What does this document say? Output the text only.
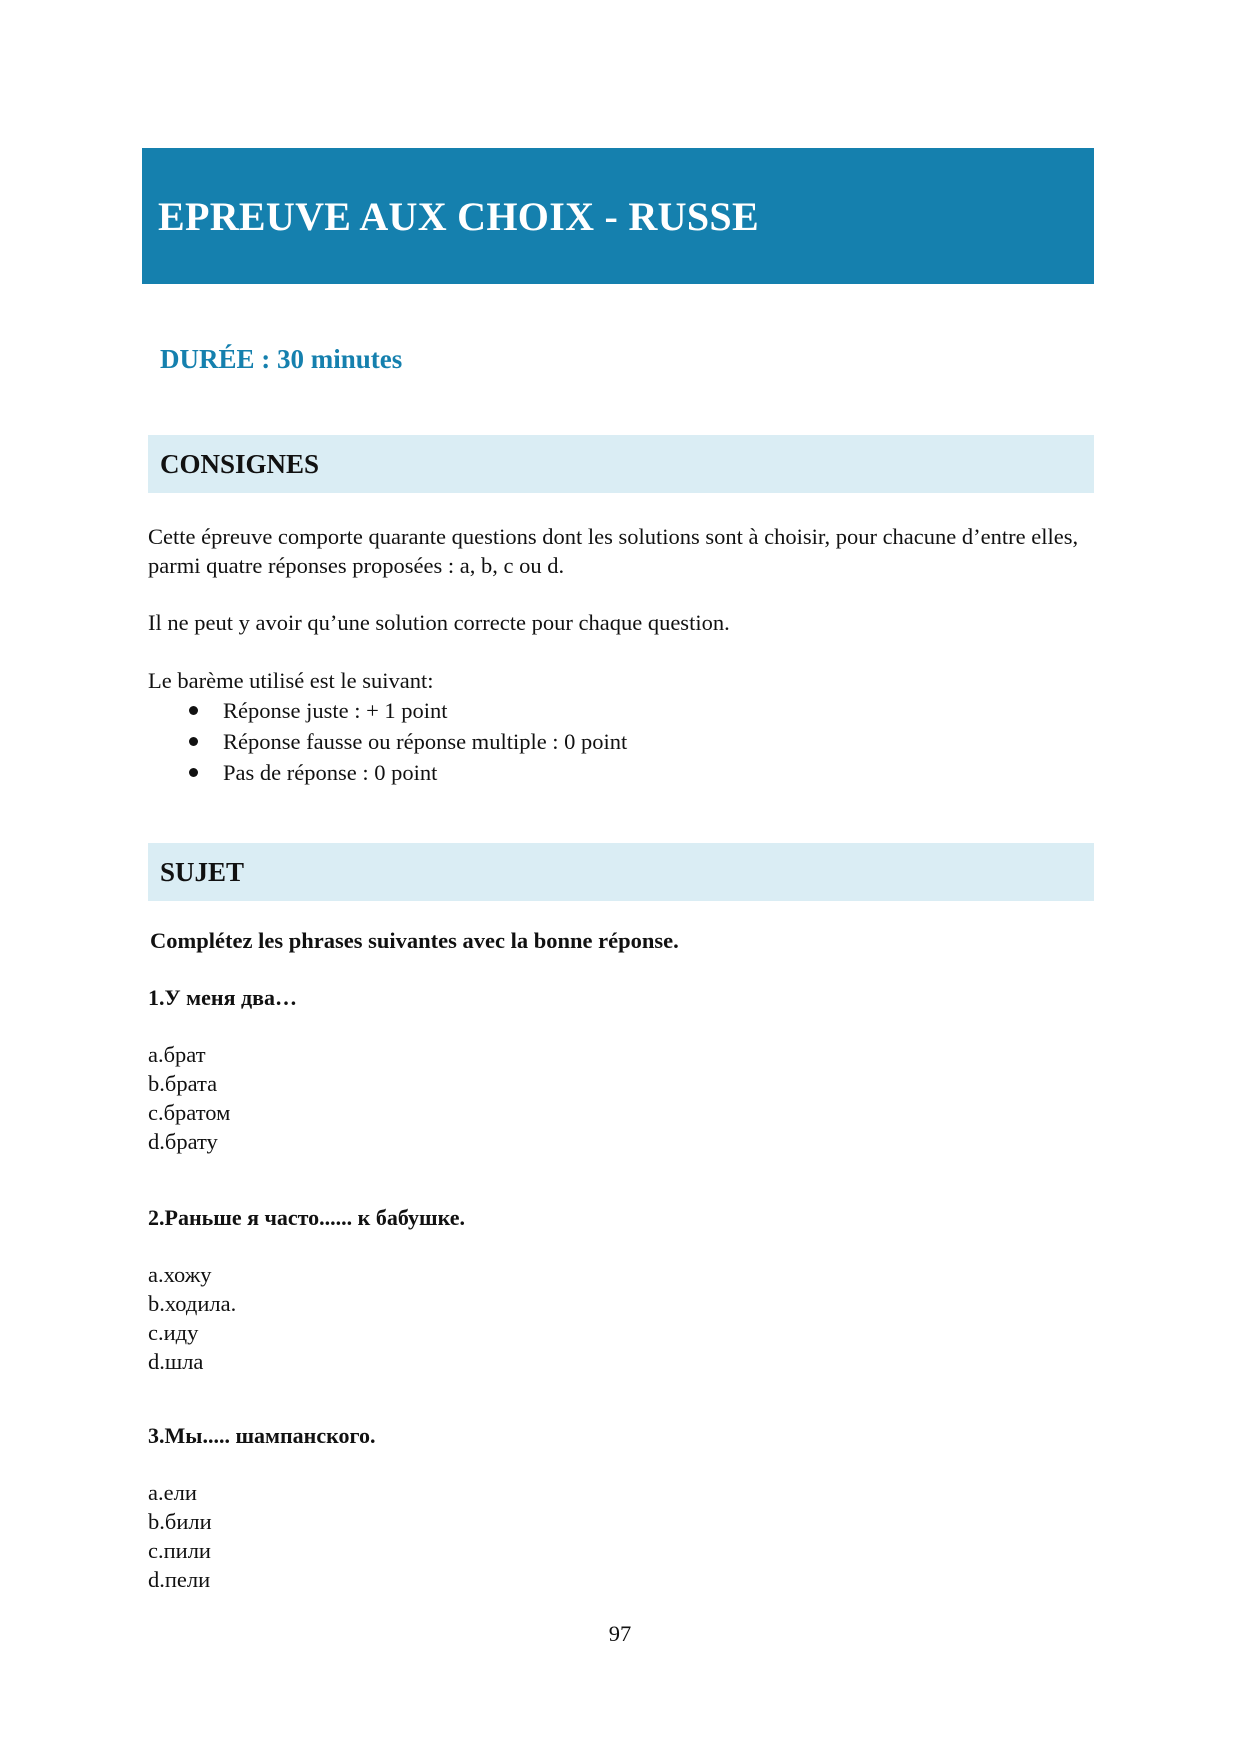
EPREUVE AUX CHOIX - RUSSE
DURÉE : 30 minutes
CONSIGNES

Cette épreuve comporte quarante questions dont les solutions sont à choisir, pour chacune d’entre elles, parmi quatre réponses proposées : a, b, c ou d.

Il ne peut y avoir qu’une solution correcte pour chaque question.

Le barème utilisé est le suivant:

Réponse juste : + 1 point
Réponse fausse ou réponse multiple : 0 point
Pas de réponse : 0 point
SUJET

Complétez les phrases suivantes avec la bonne réponse.

1.У меня два…

a.брат
b.брата
c.братом
d.брату

2.Раньше я часто...... к бабушке.

a.хожу
b.ходила.
c.иду
d.шла

3.Мы..... шампанского.

a.ели
b.били
c.пили
d.пели
97
